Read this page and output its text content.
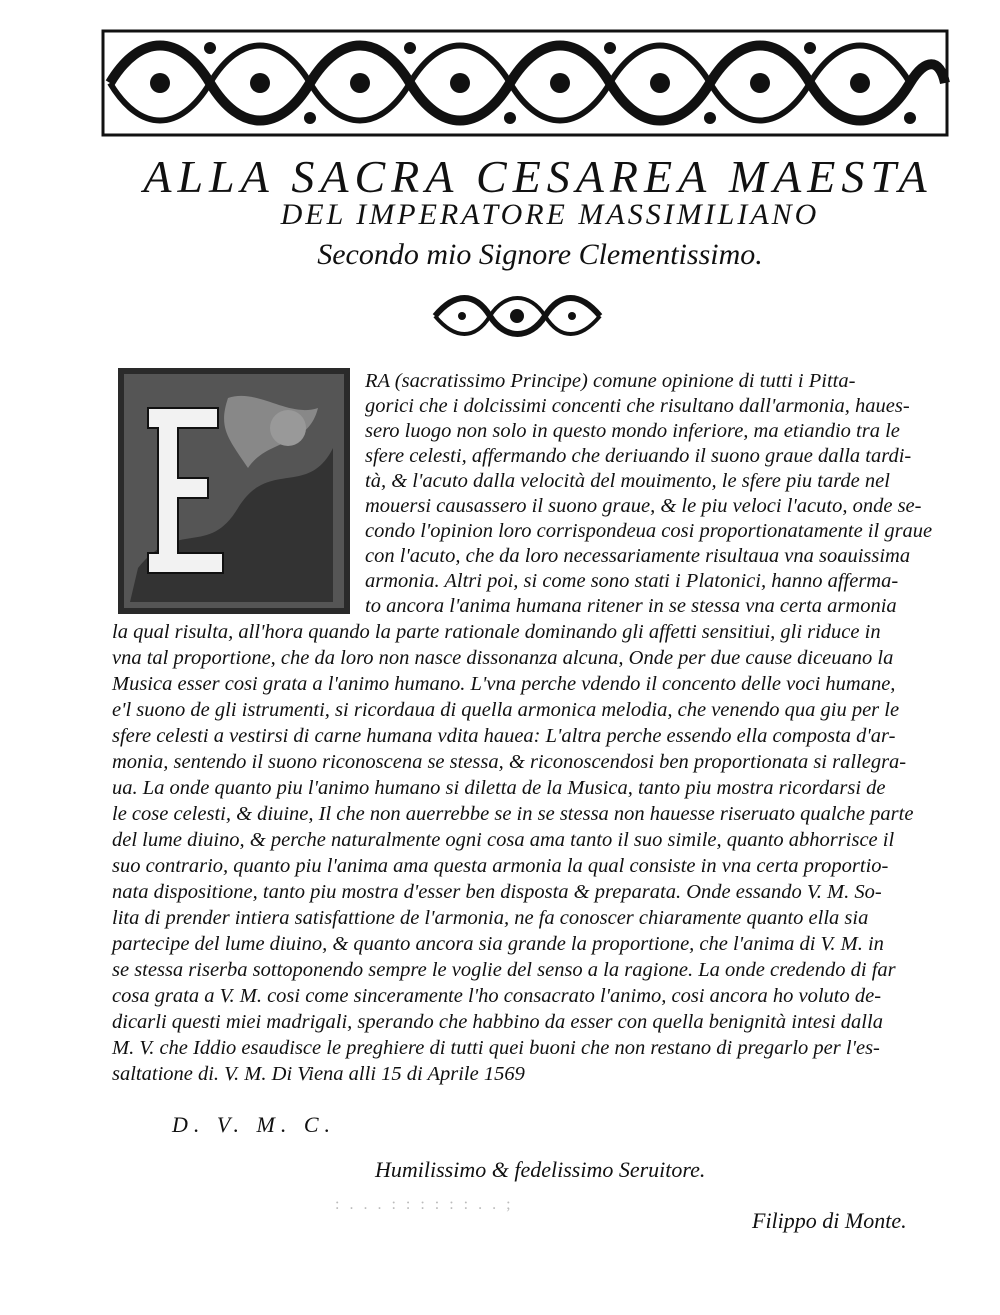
ALLA SACRA CESAREA MAESTA
DEL IMPERATORE MASSIMILIANO
Secondo mio Signore Clementissimo.
RA (sacratissimo Principe) comune opinione di tutti i Pitta-
gorici che i dolcissimi concenti che risultano dall'armonia, haues-
sero luogo non solo in questo mondo inferiore, ma etiandio tra le
sfere celesti, affermando che deriuando il suono graue dalla tardi-
tà, & l'acuto dalla velocità del mouimento, le sfere piu tarde nel
mouersi causassero il suono graue, & le piu veloci l'acuto, onde se-
condo l'opinion loro corrispondeua cosi proportionatamente il graue
con l'acuto, che da loro necessariamente risultaua vna soauissima
armonia. Altri poi, si come sono stati i Platonici, hanno afferma-
to ancora l'anima humana ritener in se stessa vna certa armonia
la qual risulta, all'hora quando la parte rationale dominando gli affetti sensitiui, gli riduce in
vna tal proportione, che da loro non nasce dissonanza alcuna, Onde per due cause diceuano la
Musica esser cosi grata a l'animo humano. L'vna perche vdendo il concento delle voci humane,
e'l suono de gli istrumenti, si ricordaua di quella armonica melodia, che venendo qua giu per le
sfere celesti a vestirsi di carne humana vdita hauea: L'altra perche essendo ella composta d'ar-
monia, sentendo il suono riconoscena se stessa, & riconoscendosi ben proportionata si rallegra-
ua. La onde quanto piu l'animo humano si diletta de la Musica, tanto piu mostra ricordarsi de
le cose celesti, & diuine, Il che non auerrebbe se in se stessa non hauesse riseruato qualche parte
del lume diuino, & perche naturalmente ogni cosa ama tanto il suo simile, quanto abhorrisce il
suo contrario, quanto piu l'anima ama questa armonia la qual consiste in vna certa proportio-
nata dispositione, tanto piu mostra d'esser ben disposta & preparata. Onde essando V. M. So-
lita di prender intiera satisfattione de l'armonia, ne fa conoscer chiaramente quanto ella sia
partecipe del lume diuino, & quanto ancora sia grande la proportione, che l'anima di V. M. in
se stessa riserba sottoponendo sempre le voglie del senso a la ragione. La onde credendo di far
cosa grata a V. M. cosi come sinceramente l'ho consacrato l'animo, cosi ancora ho voluto de-
dicarli questi miei madrigali, sperando che habbino da esser con quella benignità intesi dalla
M. V. che Iddio esaudisce le preghiere di tutti quei buoni che non restano di pregarlo per l'es-
saltatione di. V. M. Di Viena alli 15 di Aprile 1569
D. V. M. C.
Humilissimo & fedelissimo Seruitore.
: . . . : : : : : : . . ;
Filippo di Monte.
